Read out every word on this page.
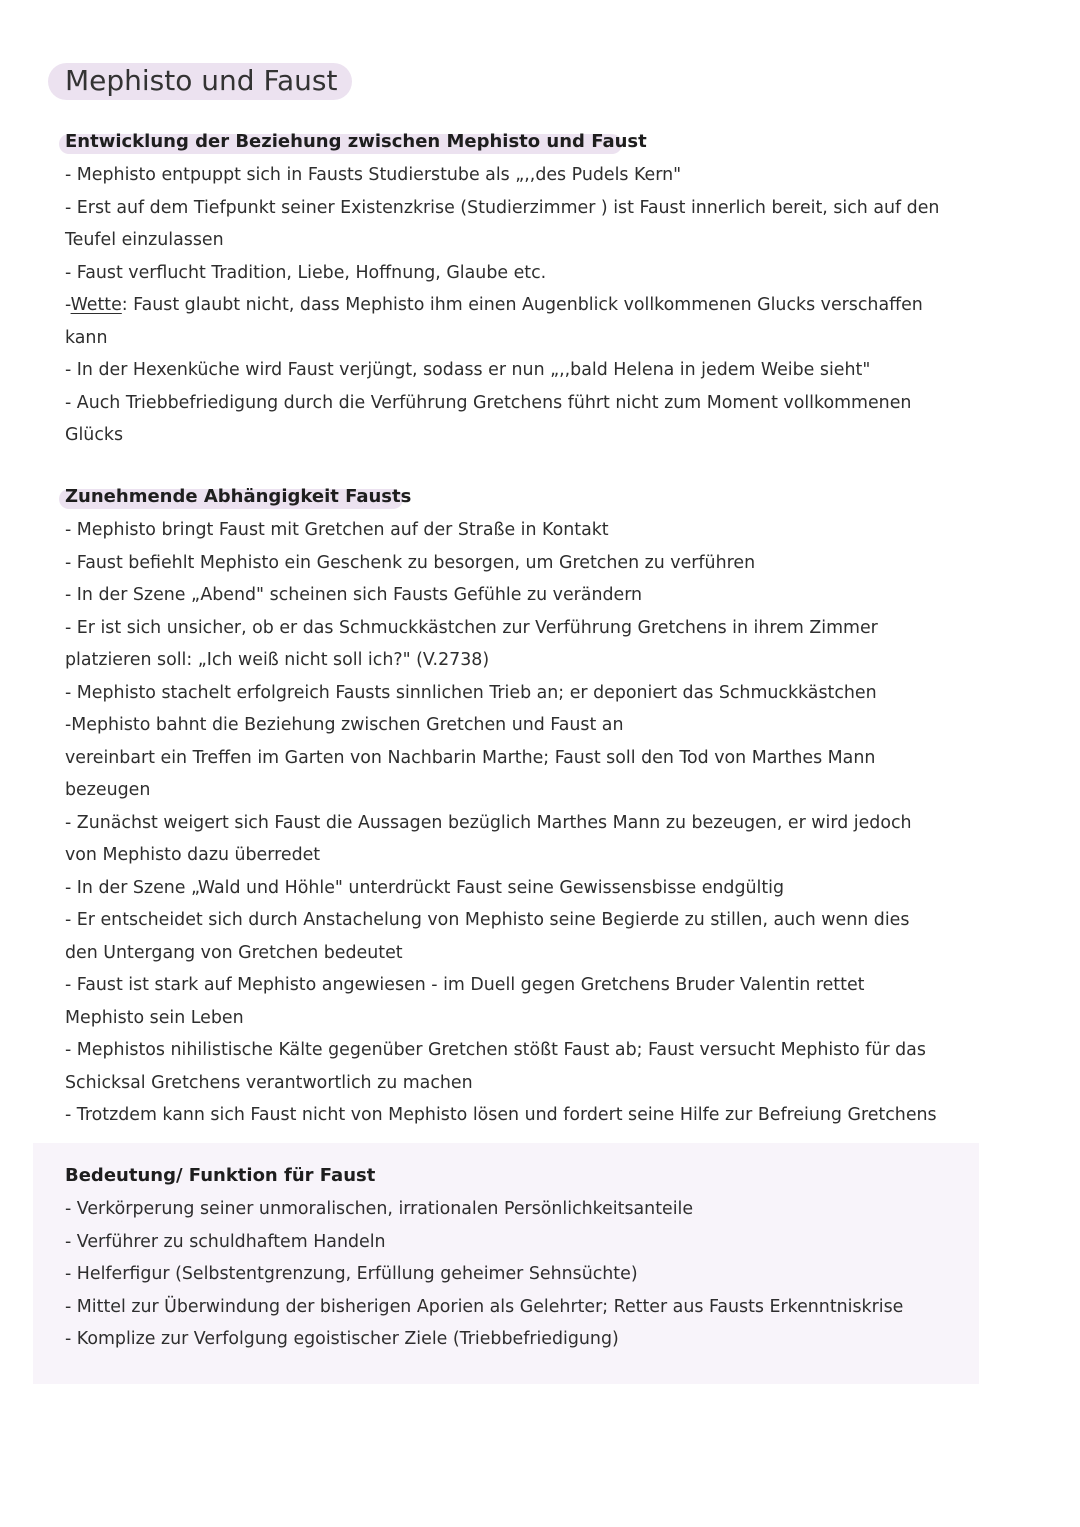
Mephisto und Faust
Entwicklung der Beziehung zwischen Mephisto und Faust
- Mephisto entpuppt sich in Fausts Studierstube als „,,des Pudels Kern"
- Erst auf dem Tiefpunkt seiner Existenzkrise (Studierzimmer ) ist Faust innerlich bereit, sich auf den
Teufel einzulassen
- Faust verflucht Tradition, Liebe, Hoffnung, Glaube etc.
-Wette: Faust glaubt nicht, dass Mephisto ihm einen Augenblick vollkommenen Glucks verschaffen
kann
- In der Hexenküche wird Faust verjüngt, sodass er nun „,,bald Helena in jedem Weibe sieht"
- Auch Triebbefriedigung durch die Verführung Gretchens führt nicht zum Moment vollkommenen
Glücks
Zunehmende Abhängigkeit Fausts
- Mephisto bringt Faust mit Gretchen auf der Straße in Kontakt
- Faust befiehlt Mephisto ein Geschenk zu besorgen, um Gretchen zu verführen
- In der Szene „Abend" scheinen sich Fausts Gefühle zu verändern
- Er ist sich unsicher, ob er das Schmuckkästchen zur Verführung Gretchens in ihrem Zimmer
platzieren soll: „Ich weiß nicht soll ich?" (V.2738)
- Mephisto stachelt erfolgreich Fausts sinnlichen Trieb an; er deponiert das Schmuckkästchen
-Mephisto bahnt die Beziehung zwischen Gretchen und Faust an
vereinbart ein Treffen im Garten von Nachbarin Marthe; Faust soll den Tod von Marthes Mann
bezeugen
- Zunächst weigert sich Faust die Aussagen bezüglich Marthes Mann zu bezeugen, er wird jedoch
von Mephisto dazu überredet
- In der Szene „Wald und Höhle" unterdrückt Faust seine Gewissensbisse endgültig
- Er entscheidet sich durch Anstachelung von Mephisto seine Begierde zu stillen, auch wenn dies
den Untergang von Gretchen bedeutet
- Faust ist stark auf Mephisto angewiesen - im Duell gegen Gretchens Bruder Valentin rettet
Mephisto sein Leben
- Mephistos nihilistische Kälte gegenüber Gretchen stößt Faust ab; Faust versucht Mephisto für das
Schicksal Gretchens verantwortlich zu machen
- Trotzdem kann sich Faust nicht von Mephisto lösen und fordert seine Hilfe zur Befreiung Gretchens
Bedeutung/ Funktion für Faust
- Verkörperung seiner unmoralischen, irrationalen Persönlichkeitsanteile
- Verführer zu schuldhaftem Handeln
- Helferfigur (Selbstentgrenzung, Erfüllung geheimer Sehnsüchte)
- Mittel zur Überwindung der bisherigen Aporien als Gelehrter; Retter aus Fausts Erkenntniskrise
- Komplize zur Verfolgung egoistischer Ziele (Triebbefriedigung)
